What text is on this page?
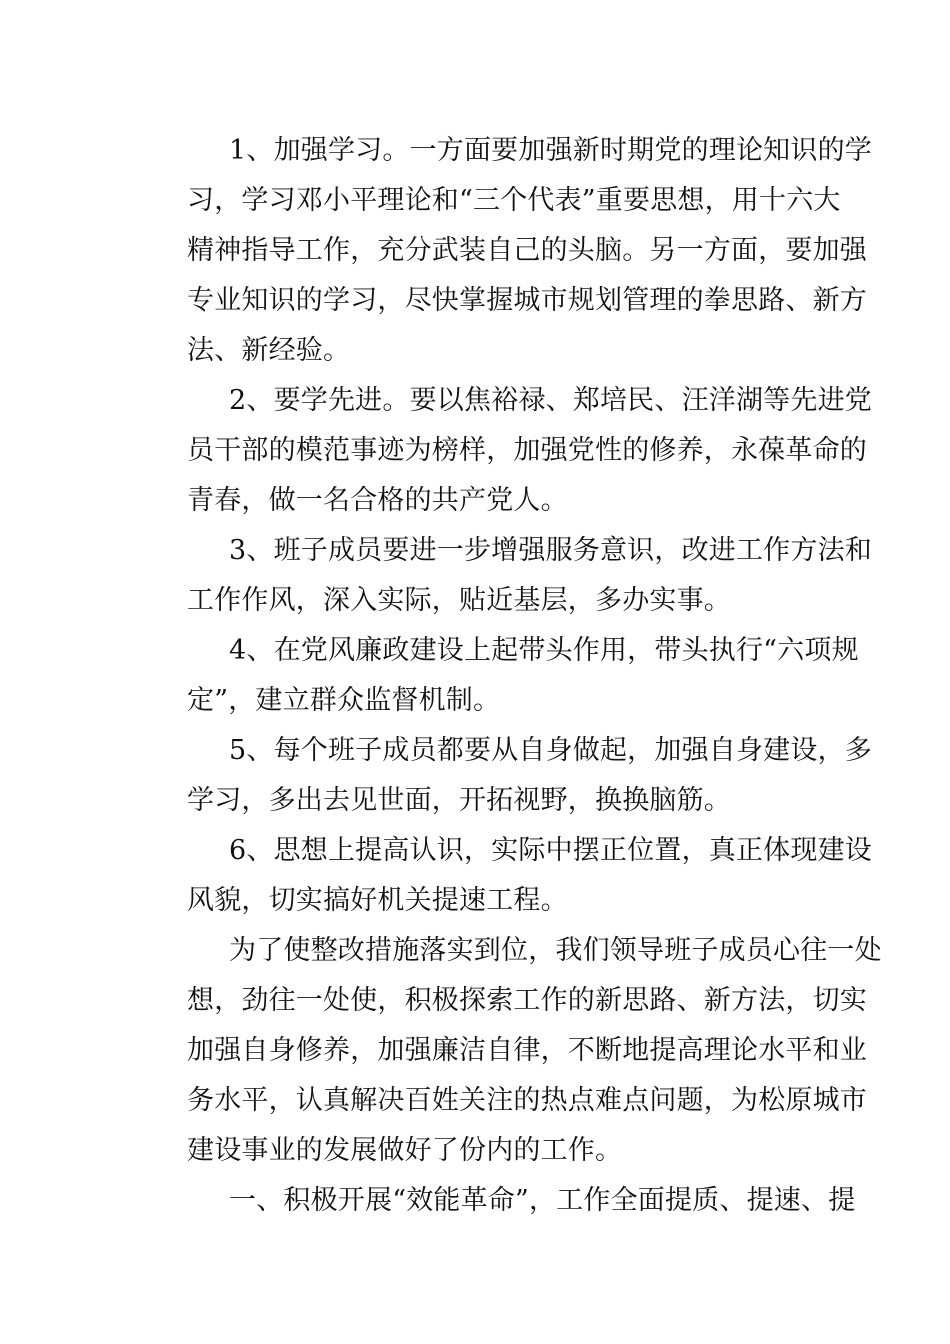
1、加强学习。一方面要加强新时期党的理论知识的学
习，学习邓小平理论和“三个代表”重要思想，用十六大
精神指导工作，充分武装自己的头脑。另一方面，要加强
专业知识的学习，尽快掌握城市规划管理的拳思路、新方
法、新经验。
2、要学先进。要以焦裕禄、郑培民、汪洋湖等先进党
员干部的模范事迹为榜样，加强党性的修养，永葆革命的
青春，做一名合格的共产党人。
3、班子成员要进一步增强服务意识，改进工作方法和
工作作风，深入实际，贴近基层，多办实事。
4、在党风廉政建设上起带头作用，带头执行“六项规
定”，建立群众监督机制。
5、每个班子成员都要从自身做起，加强自身建设，多
学习，多出去见世面，开拓视野，换换脑筋。
6、思想上提高认识，实际中摆正位置，真正体现建设
风貌，切实搞好机关提速工程。
为了使整改措施落实到位，我们领导班子成员心往一处
想，劲往一处使，积极探索工作的新思路、新方法，切实
加强自身修养，加强廉洁自律，不断地提高理论水平和业
务水平，认真解决百姓关注的热点难点问题，为松原城市
建设事业的发展做好了份内的工作。
一、积极开展“效能革命”，工作全面提质、提速、提
